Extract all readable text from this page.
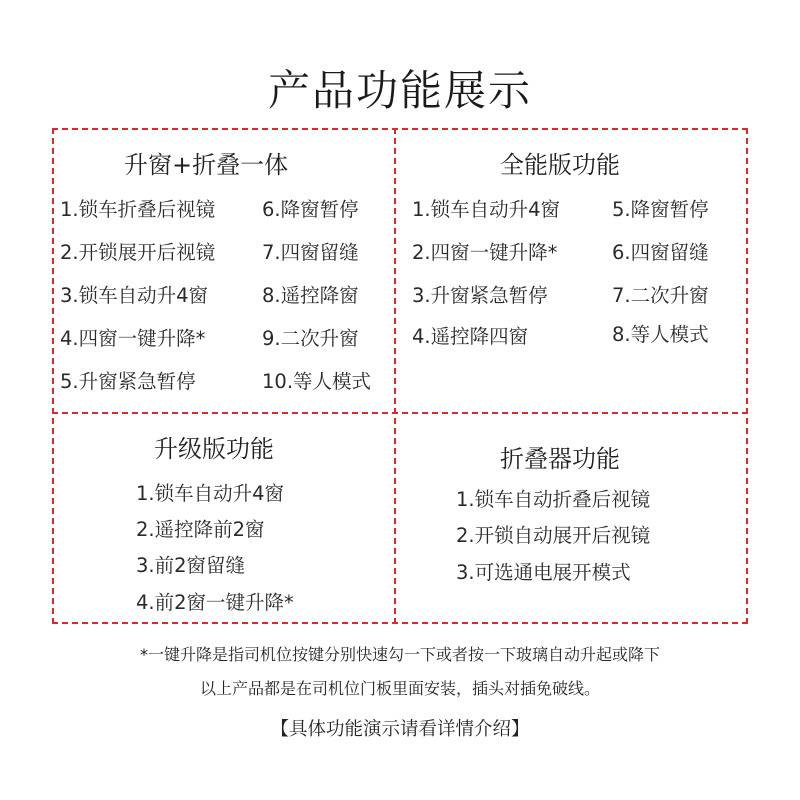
产品功能展示
升窗+折叠一体
1.锁车折叠后视镜
2.开锁展开后视镜
3.锁车自动升4窗
4.四窗一键升降*
5.升窗紧急暂停
6.降窗暂停
7.四窗留缝
8.遥控降窗
9.二次升窗
10.等人模式
全能版功能
1.锁车自动升4窗
2.四窗一键升降*
3.升窗紧急暂停
4.遥控降四窗
5.降窗暂停
6.四窗留缝
7.二次升窗
8.等人模式
升级版功能
1.锁车自动升4窗
2.遥控降前2窗
3.前2窗留缝
4.前2窗一键升降*
折叠器功能
1.锁车自动折叠后视镜
2.开锁自动展开后视镜
3.可选通电展开模式
*一键升降是指司机位按键分别快速勾一下或者按一下玻璃自动升起或降下
以上产品都是在司机位门板里面安装，插头对插免破线。
【具体功能演示请看详情介绍】
